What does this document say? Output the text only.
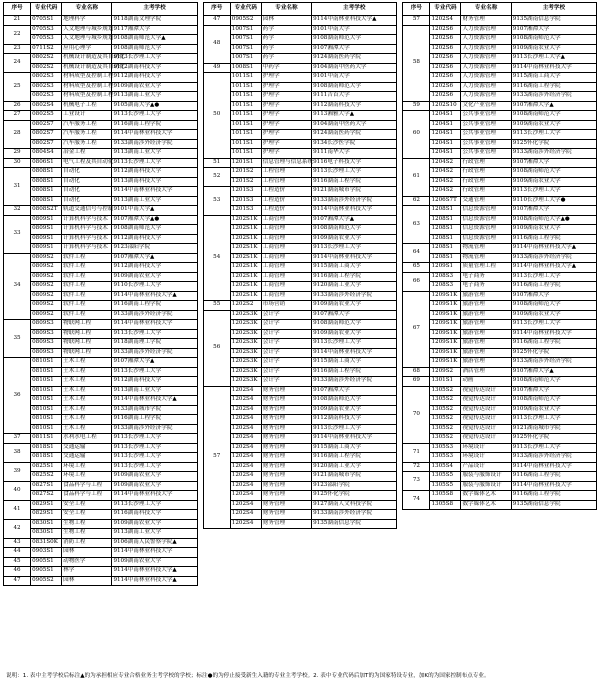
序号	专业代码	专业名称	主考学校
21	0705S1	地理科学	9118湖南文理学院
22	0705S3	人文地理与城乡规划	9117湘潭大学
	0705S3	人文地理与城乡规划	9108湖南师范大学▲
23	0711S2	应用心理学	9108湖南师范大学
24	0802S2	机械设计制造及其自动化	9113长沙理工大学
	0802S2	机械设计制造及其自动化	9112湖南科技大学
25	0802S3	材料成型及控制工程	9112湖南科技大学
	0802S3	材料成型及控制工程	9109湖南农业大学
	0802S3	材料成型及控制工程	9113湖南工业大学
26	0802S4	机械电子工程	9105湖南大学▲●
27	0802S5	工业设计	9113长沙理工大学
28	0802S7	汽车服务工程	9116湖南工程学院
	0802S7	汽车服务工程	9114中南林业科技大学
	0802S7	汽车服务工程	9133湖南涉外经济学院
29	0804S4	冶金工程	9113湖南工业大学
30	0806S1	电气工程及其自动化	9113长沙理工大学
31	0808S1	自动化	9112湖南科技大学
	0808S1	自动化	9113湖南科技大学
	0808S1	自动化	9114中南林业科技大学
	0808S1	自动化	9113湖南工业大学
32	0808S2T	轨道交通信号与控制	9101中南大学▲
33	0809S1	计算机科学与技术	9107湘潭大学▲●
	0809S1	计算机科学与技术	9108湖南师范大学
	0809S1	计算机科学与技术	9112湖南科技大学
	0809S1	计算机科学与技术	9123邵阳学院
34	0809S2	软件工程	9107湘潭大学▲
	0809S2	软件工程	9112湖南科技大学
	0809S2	软件工程	9109湖南农业大学
	0809S2	软件工程	9110长沙理工大学
	0809S2	软件工程	9114中南林业科技大学▲
	0809S2	软件工程	9116湖南工程学院
	0809S2	软件工程	9133湖南涉外经济学院
35	0809S3	物联网工程	9114中南林业科技大学
	0809S3	物联网工程	9113长沙理工大学
	0809S3	物联网工程	9118湖南理工学院
	0809S3	物联网工程	9133湖南涉外经济学院
36	0810S1	土木工程	9107湘潭大学▲
	0810S1	土木工程	9113长沙理工大学
	0810S1	土木工程	9112湖南科技大学
	0810S1	土木工程	9113湖南工业大学
	0810S1	土木工程	9114中南林业科技大学▲
	0810S1	土木工程	9133湖南城市学院
	0810S1	土木工程	9116湖南工程学院
	0810S1	土木工程	9133湖南涉外经济学院
37	0811S1	水利水电工程	9113长沙理工大学
38	0818S1	交通运输	9113长沙理工大学
	0818S1	交通运输	9113长沙理工大学
39	0825S1	环境工程	9113长沙理工大学
	0825S2	环境工程	9109湖南农业大学
40	0827S1	食品科学与工程	9109湖南农业大学
	0827S2	食品科学与工程	9114中南林业科技大学
41	0829S1	安全工程	9113长沙理工大学
	0829S1	安全工程	9116湖南科技大学
42	0830S1	生物工程	9109湖南农业大学
	0830S1	生物工程	9113湖南工业大学
43	0831S0K	消防工程	9106湖南人民警察学院▲
44	0903S1	园林	9114中南林业科技大学
45	0905S1	动物医学	9109湖南农业大学
46	0905S1	林学	9114中南林业科技大学▲
47	0905S2	园林	9114中南林业科技大学▲
序号	专业代码	专业名称	主考学校
47	0905S2	园林	9114中南林业科技大学▲
48	1007S1	药学	9101中南大学
	1007S1	药学	9108湖南师范大学
	1007S1	药学	9107湘潭大学
	1007S1	药学	9124湖南医药学院
49	1008S1	中药学	9104湖南中医药大学
50	1011S1	护理学	9101中南大学
	1011S1	护理学	9108湖南师范大学
	1011S1	护理学	9111吉首大学
	1011S1	护理学	9112湖南科技大学
	1011S1	护理学	9113湘雅大学▲
	1011S1	护理学	9104湖南中医药大学
	1011S1	护理学	9124湖南医药学院
	1011S1	护理学	9134长沙医学院
	1011S1	护理学	9111南华大学
51	1201S1	信息管理与信息系统	9116电子科技大学
52	1201S2	工程管理	9113长沙理工大学
	1201S2	工程管理	9116湖南工程学院
53	1201S3	工程造价	9121湖南城市学院
	1201S3	工程造价	9133湖南涉外经济学院
	1201S3	工程造价	9114中南林业科技大学
54	1202S1K	工商管理	9107湘潭大学▲
	1202S1K	工商管理	9108湖南师范大学
	1202S1K	工商管理	9109湖南农业大学
	1202S1K	工商管理	9113长沙理工大学
	1202S1K	工商管理	9114中南林业科技大学
	1202S1K	工商管理	9115湖南工商大学
	1202S1K	工商管理	9116湖南工程学院
	1202S1K	工商管理	9120湖南工业大学
	1202S1K	工商管理	9133湖南涉外经济学院
55	1202S2	市场营销	9109湖南农业大学
56	1202S3K	会计学	9107湘潭大学
	1202S3K	会计学	9108湖南师范大学
	1202S3K	会计学	9109湖南农业大学
	1202S3K	会计学	9113长沙理工大学
	1202S3K	会计学	9114中南林业科技大学
	1202S3K	会计学	9115湖南工商大学
	1202S3K	会计学	9116湖南工程学院
	1202S3K	会计学	9133湖南涉外经济学院
57	1202S4	财务管理	9107湘潭大学
	1202S4	财务管理	9108湖南师范大学
	1202S4	财务管理	9109湖南农业大学
	1202S4	财务管理	9112湖南科技大学
	1202S4	财务管理	9113长沙理工大学
	1202S4	财务管理	9114中南林业科技大学
	1202S4	财务管理	9115湖南工商大学
	1202S4	财务管理	9116湖南工程学院
	1202S4	财务管理	9120湖南工业大学
	1202S4	财务管理	9121湖南城市学院
	1202S4	财务管理	9123邵阳学院
	1202S4	财务管理	9125怀化学院
	1202S4	财务管理	9127湖南人文科技学院
	1202S4	财务管理	9133湖南涉外经济学院
	1202S4	财务管理	9135湖南信息学院
序号	专业代码	专业名称	主考学校
57	1202S4	财务管理	9135湖南信息学院
58	1202S6	人力资源管理	9107湘潭大学
	1202S6	人力资源管理	9108湖南师范大学
	1202S6	人力资源管理	9109湖南农业大学
	1202S6	人力资源管理	9113长沙理工大学▲
	1202S6	人力资源管理	9114中南林业科技大学
	1202S6	人力资源管理	9115湖南工商大学
	1202S6	人力资源管理	9116湖南工程学院
	1202S6	人力资源管理	9133湖南涉外经济学院
59	1202S10	文化产业管理	9107湘潭大学▲
60	1204S1	公共事业管理	9108湖南师范大学
	1204S1	公共事业管理	9109湖南农业大学
	1204S1	公共事业管理	9113长沙理工大学
	1204S1	公共事业管理	9125怀化学院
	1204S1	公共事业管理	9133湖南涉外经济学院
61	1204S2	行政管理	9107湘潭大学
	1204S2	行政管理	9108湖南师范大学
	1204S2	行政管理	9109湖南农业大学
	1204S2	行政管理	9113长沙理工大学
62	1206S7T	交通管理	9110长沙理工大学●
63	1208S1	信息资源管理	9107湘潭大学
	1208S1	信息资源管理	9108湖南师范大学▲●
	1208S1	信息资源管理	9109湖南农业大学
	1208S1	信息资源管理	9116湖南工程学院
64	1208S1	物流管理	9114中南林业科技大学▲
	1208S1	物流管理	9133湖南涉外经济学院
65	1209S1	质量管理工程	9114中南林业科技大学▲
66	1208S3	电子商务	9113长沙理工大学
	1208S3	电子商务	9116湖南工程学院
67	1209S1K	旅游管理	9107湘潭大学
	1209S1K	旅游管理	9108湖南师范大学
	1209S1K	旅游管理	9109湖南农业大学
	1209S1K	旅游管理	9113长沙理工大学
	1209S1K	旅游管理	9114中南林业科技大学
	1209S1K	旅游管理	9116湖南工程学院
	1209S1K	旅游管理	9125怀化学院
	1209S1K	旅游管理	9133湖南涉外经济学院
68	1209S2	酒店管理	9107湘潭大学▲
69	1301S1	动画	9108湖南师范大学
70	1305S2	视觉传达设计	9107湘潭大学
	1305S2	视觉传达设计	9108湖南师范大学
	1305S2	视觉传达设计	9109湖南农业大学
	1305S2	视觉传达设计	9113长沙理工大学
	1305S2	视觉传达设计	9121湖南城市学院
	1305S2	视觉传达设计	9125怀化学院
71	1305S3	环境设计	9113长沙理工大学
	1305S3	环境设计	9133湖南涉外经济学院
72	1305S4	产品设计	9114中南林业科技大学
73	1305S5	服装与服饰设计	9116湖南工程学院
	1305S5	服装与服饰设计	9114中南林业科技大学
74	1305S8	数字媒体艺术	9116湖南工程学院
	1305S8	数字媒体艺术	9135湖南信息学院
说明：1. 表中主考学校后标注▲的为承担相应专业合格业务主考学校的学校；标注●的为停止接受新生入籍的专业主考学校。2. 表中专业代码后加T的为国家特设专业，加K的为国家控制布点专业。
